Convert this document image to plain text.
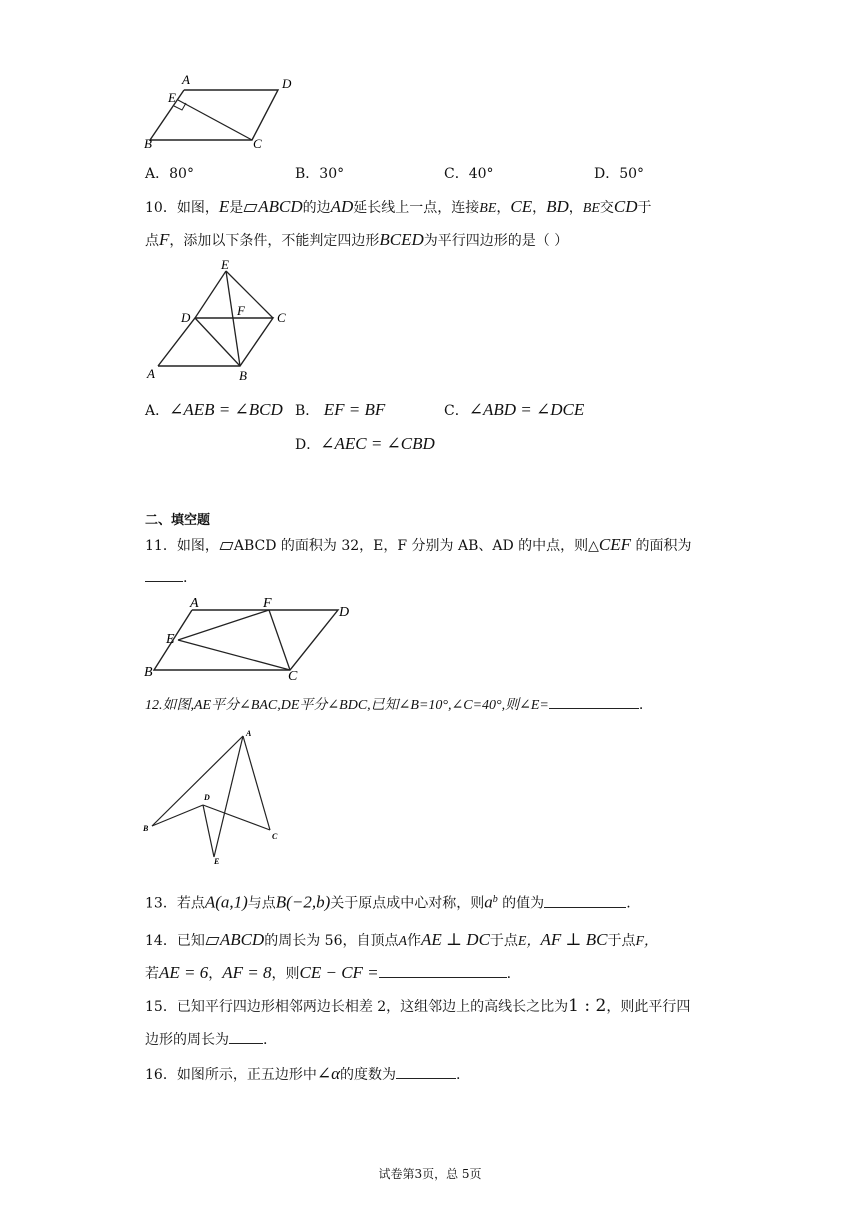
A	D
E
B	C
A．80°	B．30°	C．40°	D．50°
10．如图，E是 ABCD的边AD延长线上一点，连接BE，CE，BD，BE交CD于
点F，添加以下条件，不能判定四边形BCED为平行四边形的是（ ）
E
D	F C
A	B
A．∠AEB = ∠BCD B． EF = BF	C．∠ABD = ∠DCE
D．∠AEC = ∠CBD
二、填空题
11．如图， ABCD 的面积为 32，E，F 分别为 AB、AD 的中点，则△CEF 的面积为
.
A	F
D
E
B	C
12.如图,AE平分∠BAC,DE平分∠BDC,已知∠B=10°,∠C=40°,则∠E=	.
A
D
B
C
E
13．若点A(a,1)与点B(−2,b)关于原点成中心对称，则$a^b$ 的值为	.
14．已知 ABCD的周长为 56，自顶点A作AE ⊥ DC于点E，AF ⊥ BC于点F，
若AE = 6，AF = 8，则CE − CF =	.
15．已知平行四边形相邻两边长相差 2，这组邻边上的高线长之比为1 : 2，则此平行四
边形的周长为 .
16．如图所示，正五边形中∠α的度数为	.
试卷第3页，总 5页
